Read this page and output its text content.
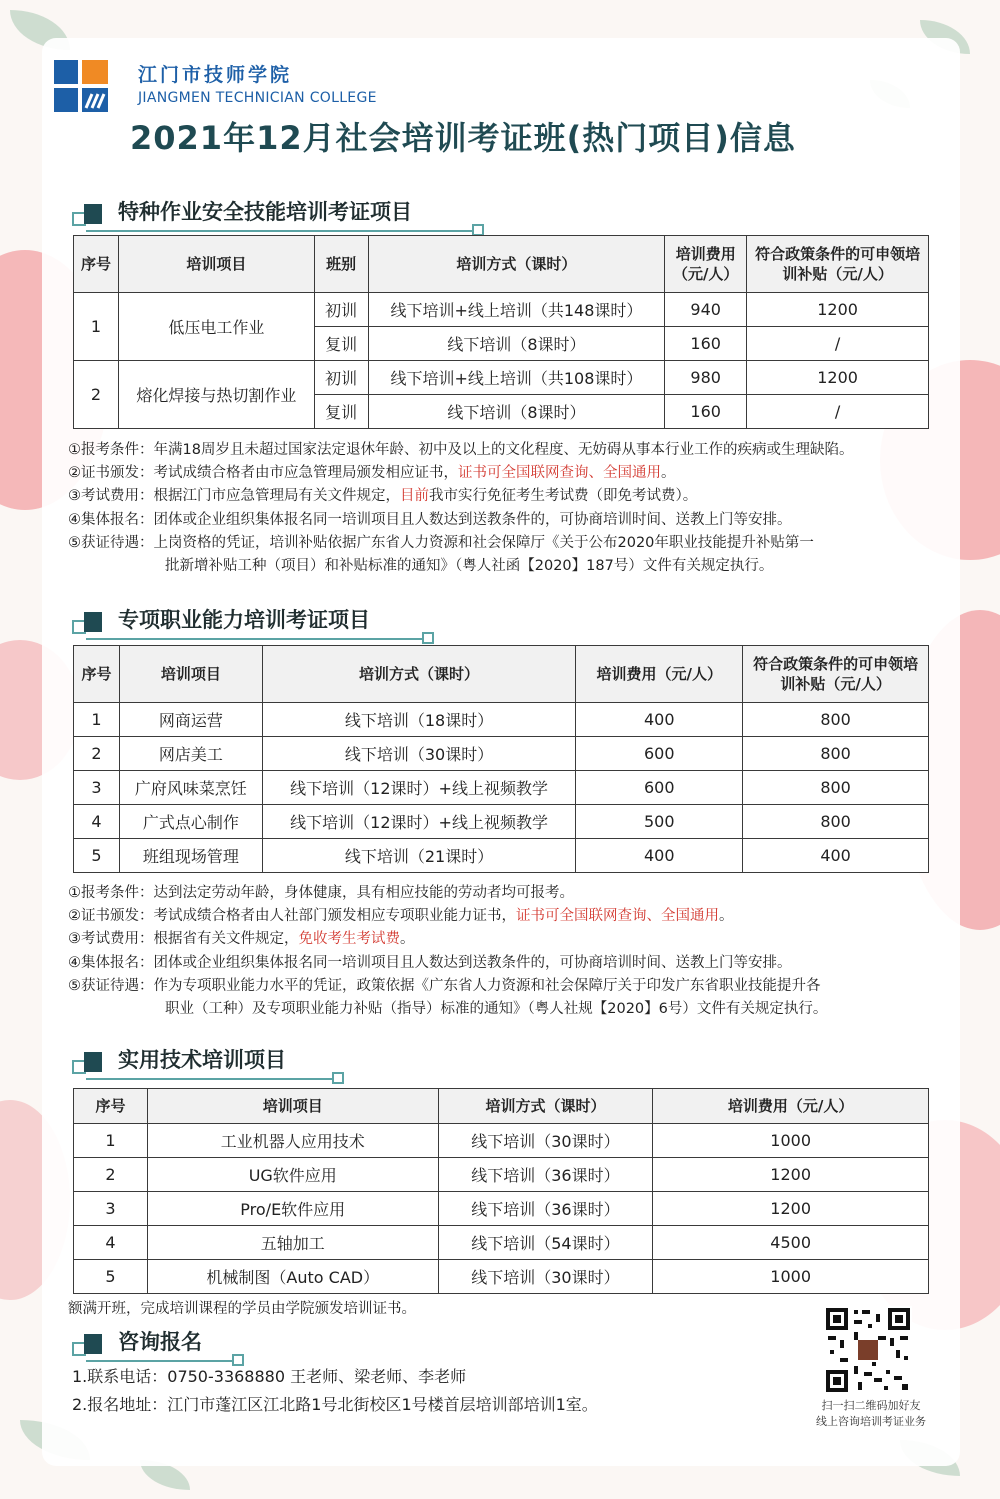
江门市技师学院
JIANGMEN TECHNICIAN COLLEGE
2021年12月社会培训考证班(热门项目)信息
特种作业安全技能培训考证项目
序号	培训项目	班别	培训方式（课时）	培训费用（元/人）	符合政策条件的可申领培训补贴（元/人）
1	低压电工作业	初训	线下培训+线上培训（共148课时）	940	1200
		复训	线下培训（8课时）	160	/
2	熔化焊接与热切割作业	初训	线下培训+线上培训（共108课时）	980	1200
		复训	线下培训（8课时）	160	/
①报考条件：年满18周岁且未超过国家法定退休年龄、初中及以上的文化程度、无妨碍从事本行业工作的疾病或生理缺陷。
②证书颁发：考试成绩合格者由市应急管理局颁发相应证书，证书可全国联网查询、全国通用。
③考试费用：根据江门市应急管理局有关文件规定，目前我市实行免征考生考试费（即免考试费）。
④集体报名：团体或企业组织集体报名同一培训项目且人数达到送教条件的，可协商培训时间、送教上门等安排。
⑤获证待遇：上岗资格的凭证，培训补贴依据广东省人力资源和社会保障厅《关于公布2020年职业技能提升补贴第一
批新增补贴工种（项目）和补贴标准的通知》（粤人社函【2020】187号）文件有关规定执行。
专项职业能力培训考证项目
序号	培训项目	培训方式（课时）	培训费用（元/人）	符合政策条件的可申领培训补贴（元/人）
1	网商运营	线下培训（18课时）	400	800
2	网店美工	线下培训（30课时）	600	800
3	广府风味菜烹饪	线下培训（12课时）+线上视频教学	600	800
4	广式点心制作	线下培训（12课时）+线上视频教学	500	800
5	班组现场管理	线下培训（21课时）	400	400
①报考条件：达到法定劳动年龄，身体健康，具有相应技能的劳动者均可报考。
②证书颁发：考试成绩合格者由人社部门颁发相应专项职业能力证书，证书可全国联网查询、全国通用。
③考试费用：根据省有关文件规定，免收考生考试费。
④集体报名：团体或企业组织集体报名同一培训项目且人数达到送教条件的，可协商培训时间、送教上门等安排。
⑤获证待遇：作为专项职业能力水平的凭证，政策依据《广东省人力资源和社会保障厅关于印发广东省职业技能提升各
职业（工种）及专项职业能力补贴（指导）标准的通知》（粤人社规【2020】6号）文件有关规定执行。
实用技术培训项目
序号	培训项目	培训方式（课时）	培训费用（元/人）
1	工业机器人应用技术	线下培训（30课时）	1000
2	UG软件应用	线下培训（36课时）	1200
3	Pro/E软件应用	线下培训（36课时）	1200
4	五轴加工	线下培训（54课时）	4500
5	机械制图（Auto CAD）	线下培训（30课时）	1000
额满开班，完成培训课程的学员由学院颁发培训证书。
咨询报名
1.联系电话：0750-3368880 王老师、梁老师、李老师
2.报名地址：江门市蓬江区江北路1号北街校区1号楼首层培训部培训1室。	扫一扫二维码加好友
线上咨询培训考证业务
